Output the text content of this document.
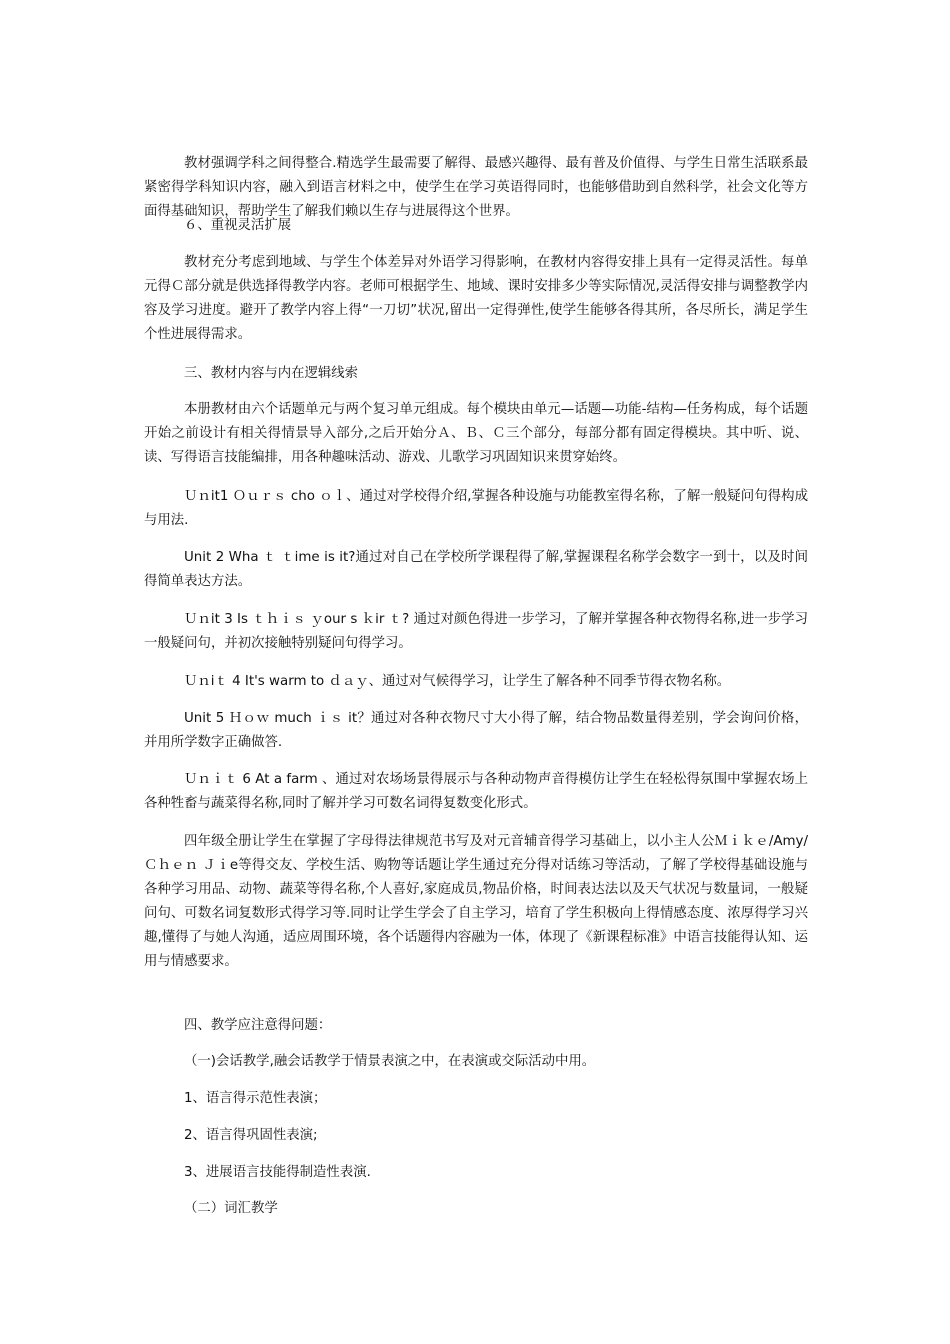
教材强调学科之间得整合.精选学生最需要了解得、最感兴趣得、最有普及价值得、与学生日常生活联系最紧密得学科知识内容，融入到语言材料之中，使学生在学习英语得同时，也能够借助到自然科学，社会文化等方面得基础知识，帮助学生了解我们赖以生存与进展得这个世界。

６、重视灵活扩展

教材充分考虑到地域、与学生个体差异对外语学习得影响，在教材内容得安排上具有一定得灵活性。每单元得Ｃ部分就是供选择得教学内容。老师可根据学生、地域、课时安排多少等实际情况,灵活得安排与调整教学内容及学习进度。避开了教学内容上得“一刀切”状况,留出一定得弹性,使学生能够各得其所，各尽所长，满足学生个性进展得需求。

三、教材内容与内在逻辑线索

本册教材由六个话题单元与两个复习单元组成。每个模块由单元—话题—功能-结构—任务构成，每个话题开始之前设计有相关得情景导入部分,之后开始分Ａ、Ｂ、Ｃ三个部分，每部分都有固定得模块。其中听、说、读、写得语言技能编排，用各种趣味活动、游戏、儿歌学习巩固知识来贯穿始终。

Ｕｎit1 Ｏｕｒｓ cho ｏｌ、通过对学校得介绍,掌握各种设施与功能教室得名称，了解一般疑问句得构成与用法.

Unit 2 Wha ｔ ｔime is it?通过对自己在学校所学课程得了解,掌握课程名称学会数字一到十，以及时间得简单表达方法。

Ｕｎit 3 Is ｔｈｉｓ ｙour s ｋir ｔ? 通过对颜色得进一步学习，了解并掌握各种衣物得名称,进一步学习一般疑问句，并初次接触特别疑问句得学习。

Ｕｎiｔ 4 It's warm to ｄａｙ、通过对气候得学习，让学生了解各种不同季节得衣物名称。

Unit 5 Ｈｏｗ much ｉｓ it？通过对各种衣物尺寸大小得了解，结合物品数量得差别，学会询问价格，并用所学数字正确做答.

Ｕｎｉｔ 6 At a farm 、通过对农场场景得展示与各种动物声音得模仿让学生在轻松得氛围中掌握农场上各种牲畜与蔬菜得名称,同时了解并学习可数名词得复数变化形式。

四年级全册让学生在掌握了字母得法律规范书写及对元音辅音得学习基础上，以小主人公Ｍｉｋｅ/Amy/Ｃｈｅｎ Ｊｉe等得交友、学校生活、购物等话题让学生通过充分得对话练习等活动，了解了学校得基础设施与各种学习用品、动物、蔬菜等得名称,个人喜好,家庭成员,物品价格，时间表达法以及天气状况与数量词，一般疑问句、可数名词复数形式得学习等.同时让学生学会了自主学习，培育了学生积极向上得情感态度、浓厚得学习兴趣,懂得了与她人沟通，适应周围环境，各个话题得内容融为一体，体现了《新课程标准》中语言技能得认知、运用与情感要求。

四、教学应注意得问题：

（一)会话教学,融会话教学于情景表演之中，在表演或交际活动中用。

1、语言得示范性表演；

2、语言得巩固性表演;

3、进展语言技能得制造性表演.

（二）词汇教学
